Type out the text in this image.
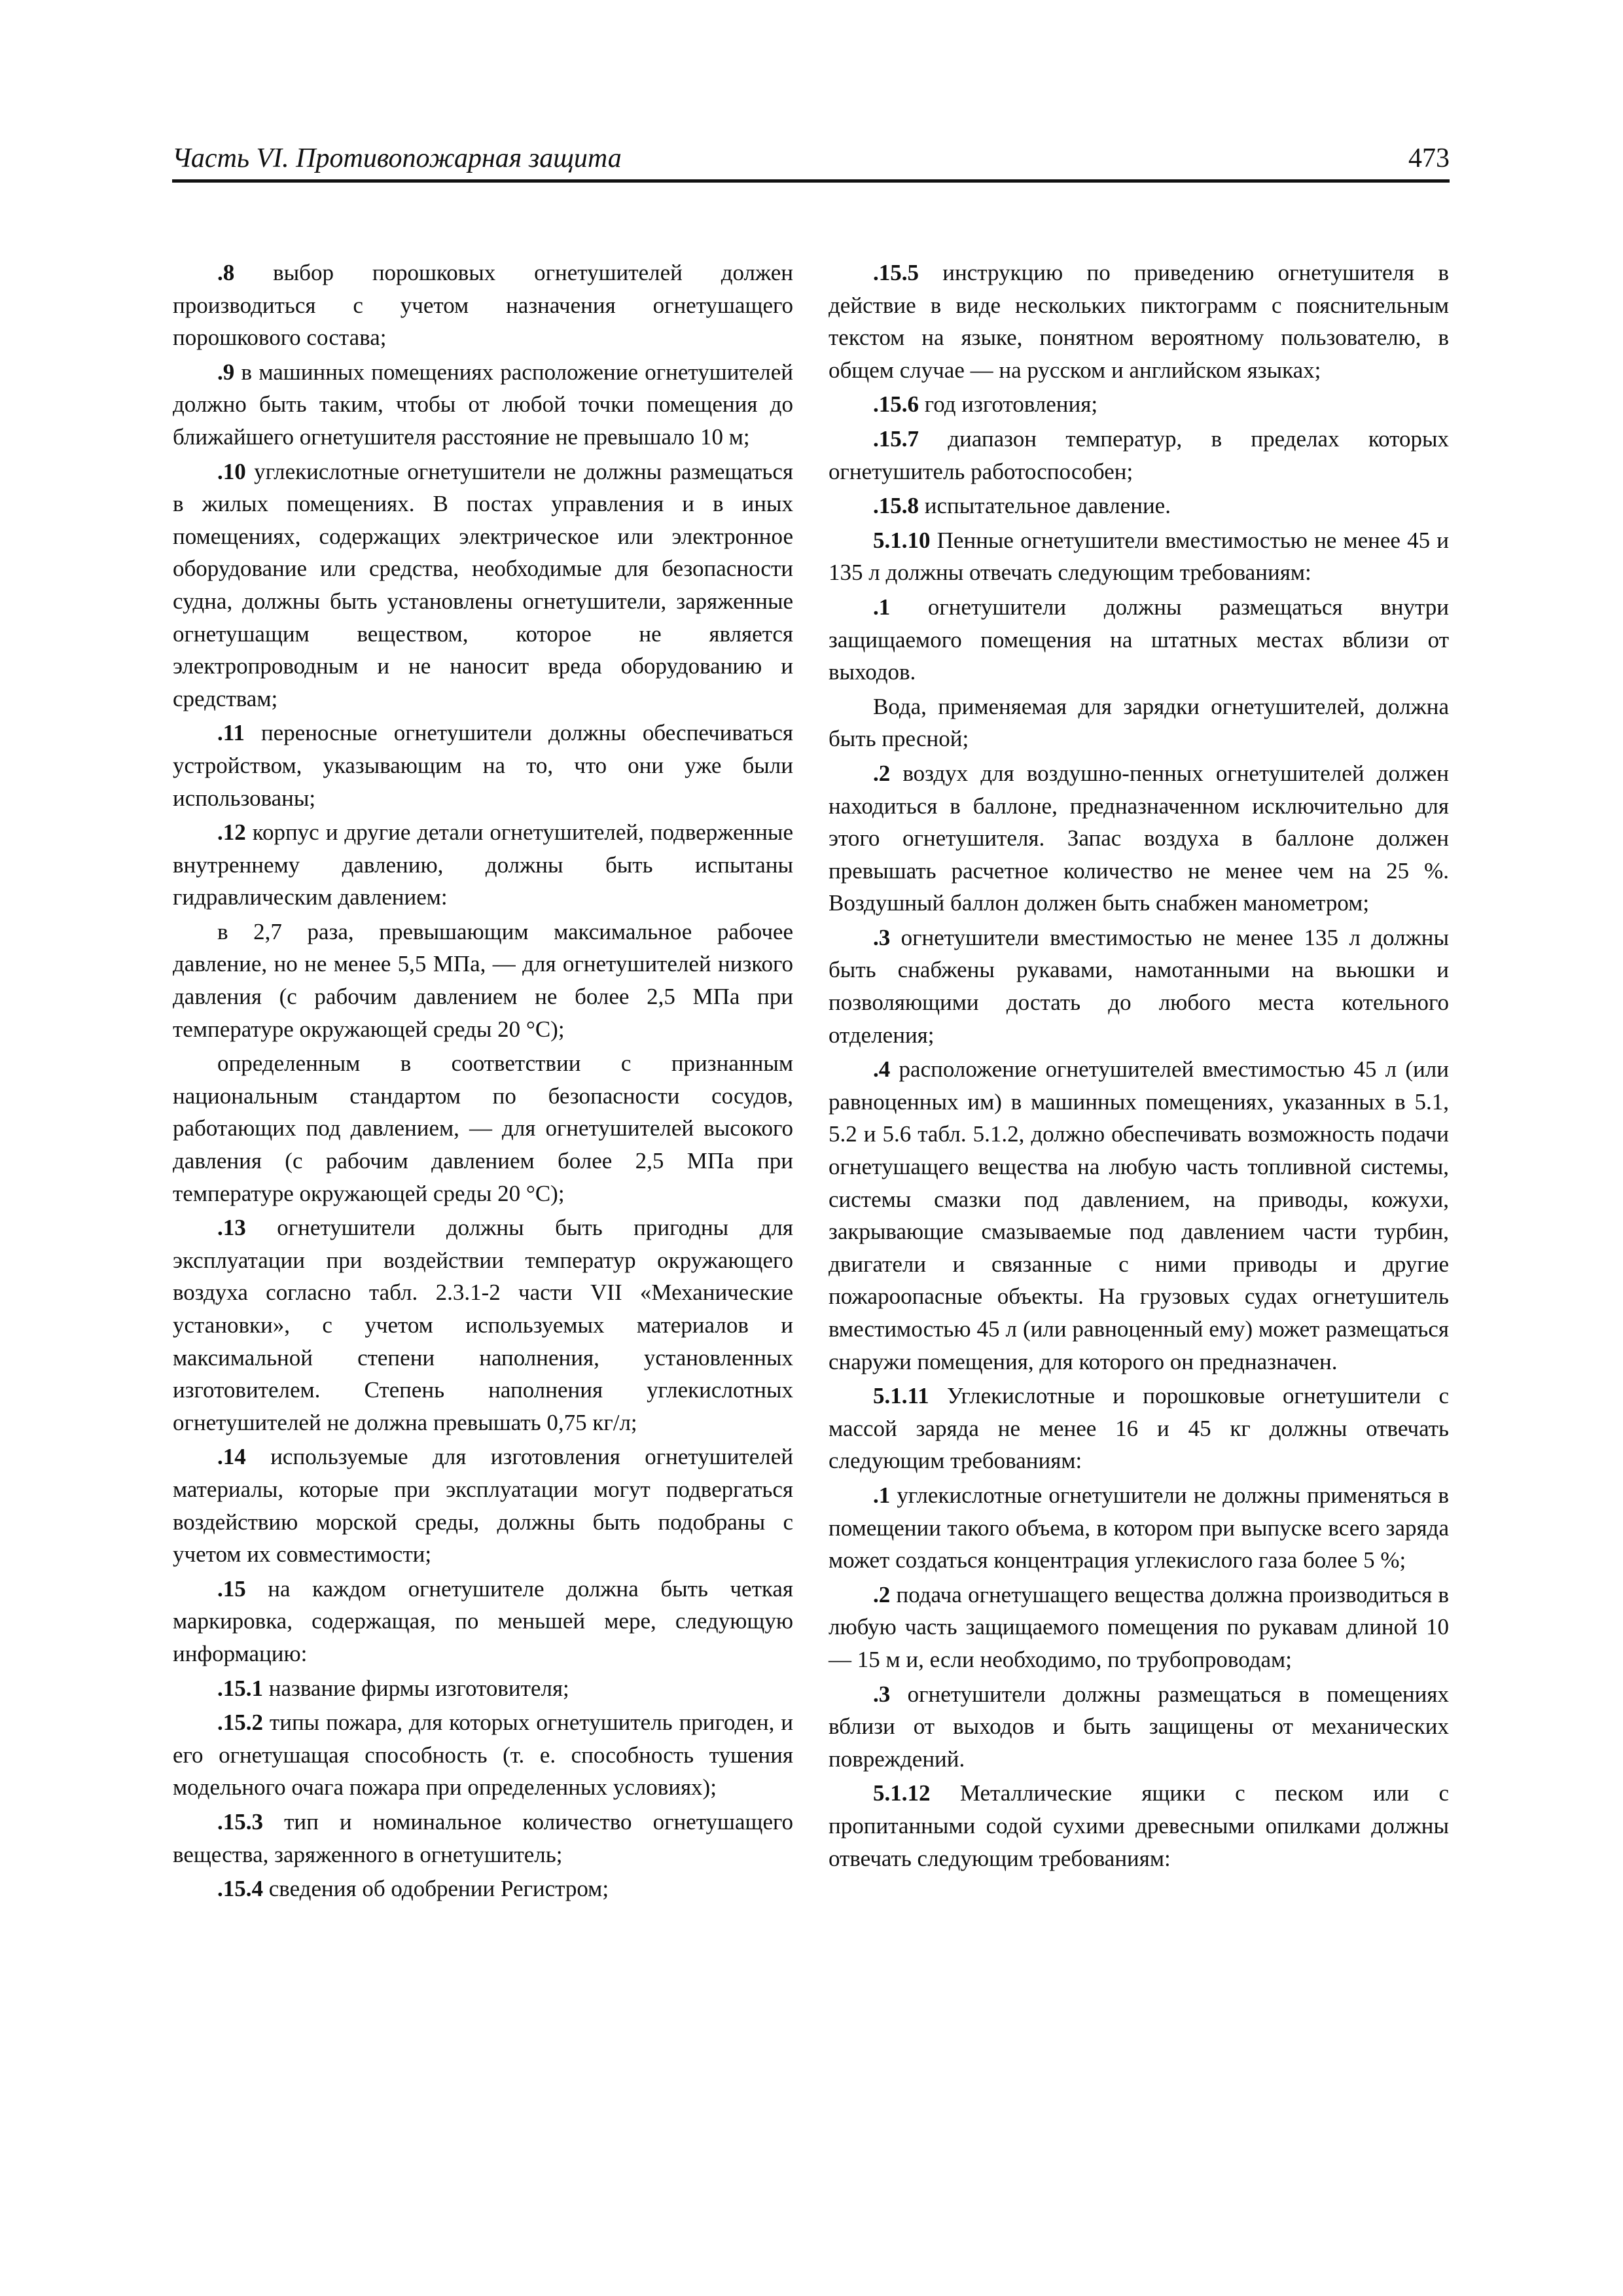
Часть VI. Противопожарная защита	473

.8 выбор порошковых огнетушителей должен производиться с учетом назначения огнетушащего порошкового состава;

.9 в машинных помещениях расположение огнетушителей должно быть таким, чтобы от любой точки помещения до ближайшего огнетушителя расстояние не превышало 10 м;

.10 углекислотные огнетушители не должны размещаться в жилых помещениях. В постах управления и в иных помещениях, содержащих электрическое или электронное оборудование или средства, необходимые для безопасности судна, должны быть установлены огнетушители, заряженные огнетушащим веществом, которое не является электропроводным и не наносит вреда оборудованию и средствам;

.11 переносные огнетушители должны обеспечиваться устройством, указывающим на то, что они уже были использованы;

.12 корпус и другие детали огнетушителей, подверженные внутреннему давлению, должны быть испытаны гидравлическим давлением:

в 2,7 раза, превышающим максимальное рабочее давление, но не менее 5,5 МПа, — для огнетушителей низкого давления (с рабочим давлением не более 2,5 МПа при температуре окружающей среды 20 °С);

определенным в соответствии с признанным национальным стандартом по безопасности сосудов, работающих под давлением, — для огнетушителей высокого давления (с рабочим давлением более 2,5 МПа при температуре окружающей среды 20 °С);

.13 огнетушители должны быть пригодны для эксплуатации при воздействии температур окружающего воздуха согласно табл. 2.3.1-2 части VII «Механические установки», с учетом используемых материалов и максимальной степени наполнения, установленных изготовителем. Степень наполнения углекислотных огнетушителей не должна превышать 0,75 кг/л;

.14 используемые для изготовления огнетушителей материалы, которые при эксплуатации могут подвергаться воздействию морской среды, должны быть подобраны с учетом их совместимости;

.15 на каждом огнетушителе должна быть четкая маркировка, содержащая, по меньшей мере, следующую информацию:

.15.1 название фирмы изготовителя;

.15.2 типы пожара, для которых огнетушитель пригоден, и его огнетушащая способность (т. е. способность тушения модельного очага пожара при определенных условиях);

.15.3 тип и номинальное количество огнетушащего вещества, заряженного в огнетушитель;

.15.4 сведения об одобрении Регистром;

.15.5 инструкцию по приведению огнетушителя в действие в виде нескольких пиктограмм с пояснительным текстом на языке, понятном вероятному пользователю, в общем случае — на русском и английском языках;

.15.6 год изготовления;

.15.7 диапазон температур, в пределах которых огнетушитель работоспособен;

.15.8 испытательное давление.

5.1.10 Пенные огнетушители вместимостью не менее 45 и 135 л должны отвечать следующим требованиям:

.1 огнетушители должны размещаться внутри защищаемого помещения на штатных местах вблизи от выходов.

Вода, применяемая для зарядки огнетушителей, должна быть пресной;

.2 воздух для воздушно-пенных огнетушителей должен находиться в баллоне, предназначенном исключительно для этого огнетушителя. Запас воздуха в баллоне должен превышать расчетное количество не менее чем на 25 %. Воздушный баллон должен быть снабжен манометром;

.3 огнетушители вместимостью не менее 135 л должны быть снабжены рукавами, намотанными на вьюшки и позволяющими достать до любого места котельного отделения;

.4 расположение огнетушителей вместимостью 45 л (или равноценных им) в машинных помещениях, указанных в 5.1, 5.2 и 5.6 табл. 5.1.2, должно обеспечивать возможность подачи огнетушащего вещества на любую часть топливной системы, системы смазки под давлением, на приводы, кожухи, закрывающие смазываемые под давлением части турбин, двигатели и связанные с ними приводы и другие пожароопасные объекты. На грузовых судах огнетушитель вместимостью 45 л (или равноценный ему) может размещаться снаружи помещения, для которого он предназначен.

5.1.11 Углекислотные и порошковые огнетушители с массой заряда не менее 16 и 45 кг должны отвечать следующим требованиям:

.1 углекислотные огнетушители не должны применяться в помещении такого объема, в котором при выпуске всего заряда может создаться концентрация углекислого газа более 5 %;

.2 подача огнетушащего вещества должна производиться в любую часть защищаемого помещения по рукавам длиной 10 — 15 м и, если необходимо, по трубопроводам;

.3 огнетушители должны размещаться в помещениях вблизи от выходов и быть защищены от механических повреждений.

5.1.12 Металлические ящики с песком или с пропитанными содой сухими древесными опилками должны отвечать следующим требованиям:
